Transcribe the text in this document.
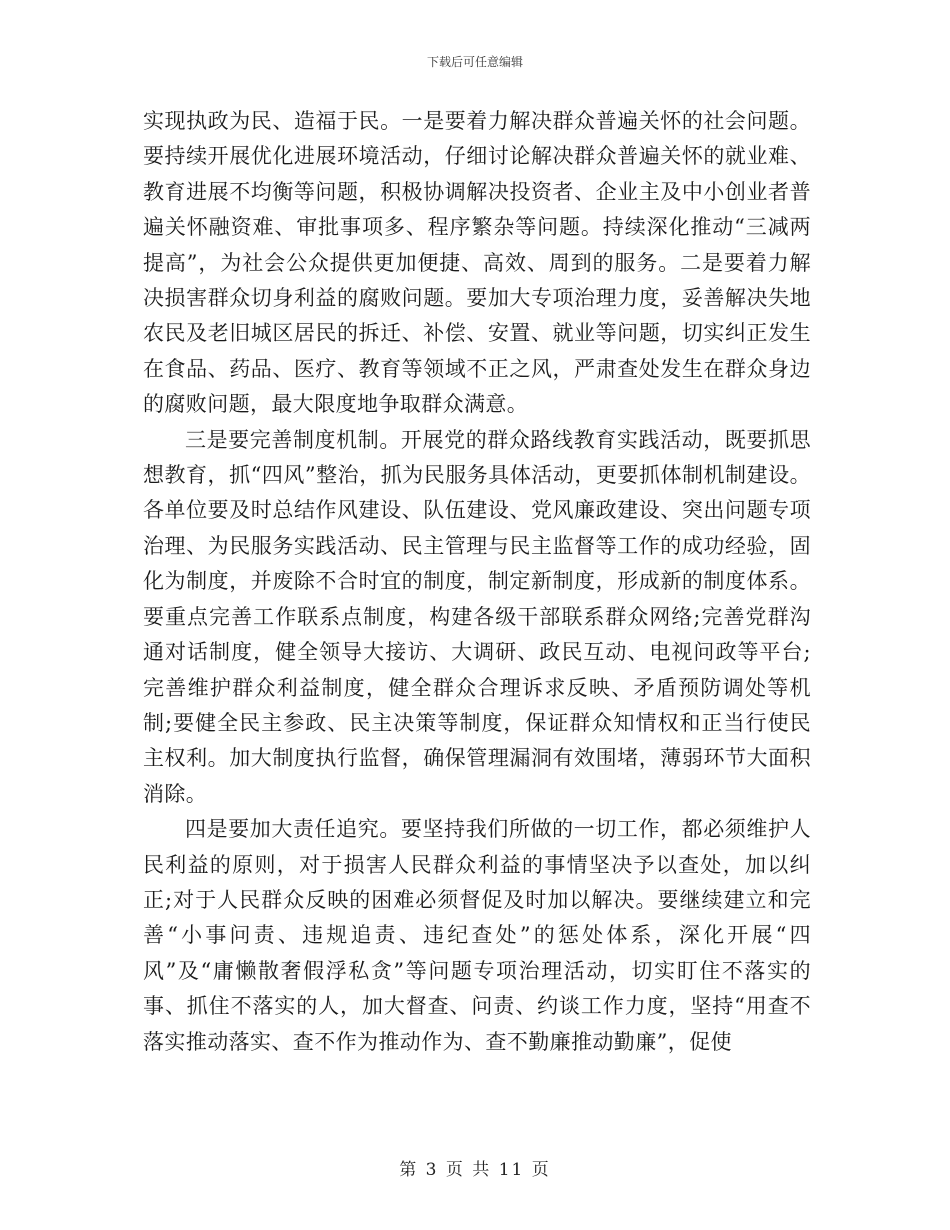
下载后可任意编辑

实现执政为民、造福于民。一是要着力解决群众普遍关怀的社会问题。要持续开展优化进展环境活动，仔细讨论解决群众普遍关怀的就业难、教育进展不均衡等问题，积极协调解决投资者、企业主及中小创业者普遍关怀融资难、审批事项多、程序繁杂等问题。持续深化推动“三减两提高”，为社会公众提供更加便捷、高效、周到的服务。二是要着力解决损害群众切身利益的腐败问题。要加大专项治理力度，妥善解决失地农民及老旧城区居民的拆迁、补偿、安置、就业等问题，切实纠正发生在食品、药品、医疗、教育等领域不正之风，严肃查处发生在群众身边的腐败问题，最大限度地争取群众满意。

三是要完善制度机制。开展党的群众路线教育实践活动，既要抓思想教育，抓“四风”整治，抓为民服务具体活动，更要抓体制机制建设。各单位要及时总结作风建设、队伍建设、党风廉政建设、突出问题专项治理、为民服务实践活动、民主管理与民主监督等工作的成功经验，固化为制度，并废除不合时宜的制度，制定新制度，形成新的制度体系。要重点完善工作联系点制度，构建各级干部联系群众网络;完善党群沟通对话制度，健全领导大接访、大调研、政民互动、电视问政等平台;完善维护群众利益制度，健全群众合理诉求反映、矛盾预防调处等机制;要健全民主参政、民主决策等制度，保证群众知情权和正当行使民主权利。加大制度执行监督，确保管理漏洞有效围堵，薄弱环节大面积消除。

四是要加大责任追究。要坚持我们所做的一切工作，都必须维护人民利益的原则，对于损害人民群众利益的事情坚决予以查处，加以纠正;对于人民群众反映的困难必须督促及时加以解决。要继续建立和完善“小事问责、违规追责、违纪查处”的惩处体系，深化开展“四风”及“庸懒散奢假浮私贪”等问题专项治理活动，切实盯住不落实的事、抓住不落实的人，加大督查、问责、约谈工作力度，坚持“用查不落实推动落实、查不作为推动作为、查不勤廉推动勤廉”，促使

第 3 页 共 11 页
